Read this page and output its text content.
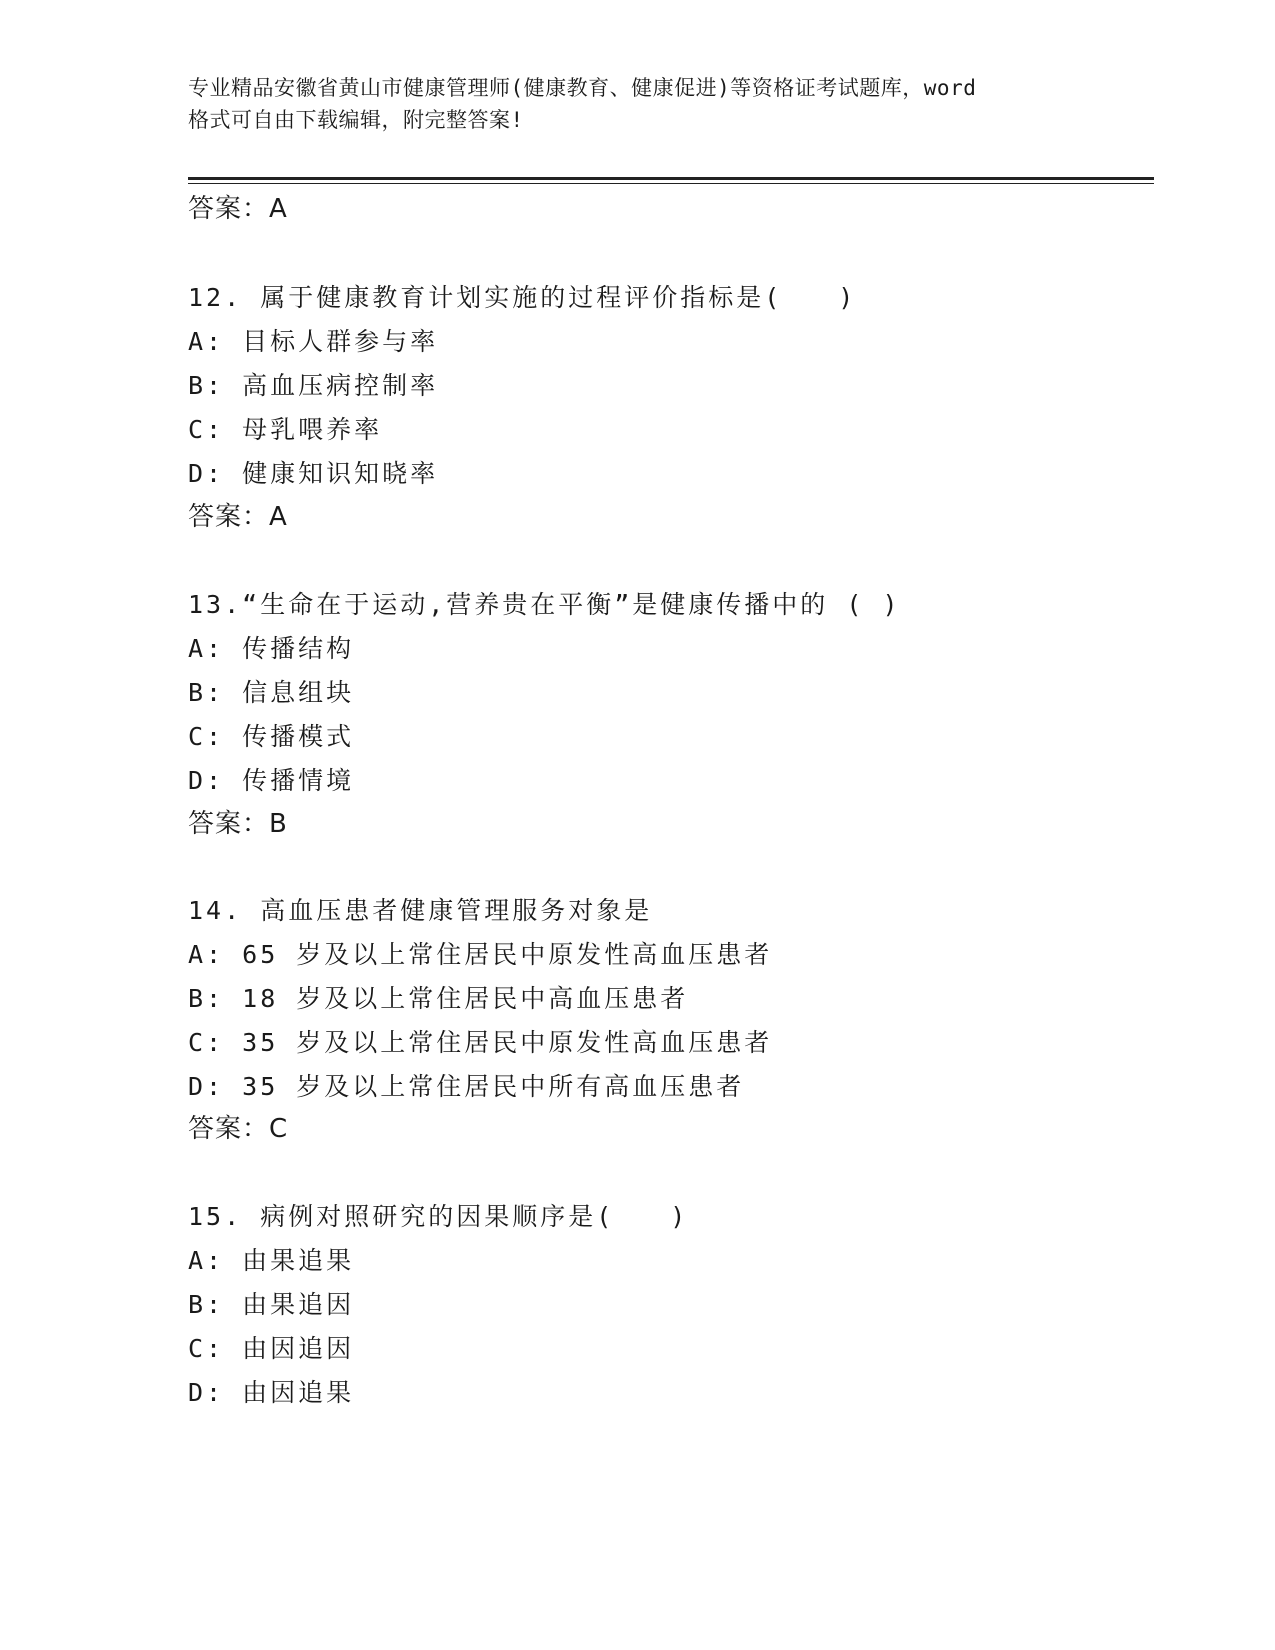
专业精品安徽省黄山市健康管理师(健康教育、健康促进)等资格证考试题库，word
格式可自由下载编辑，附完整答案!
答案：A
12. 属于健康教育计划实施的过程评价指标是(　　)
A: 目标人群参与率
B: 高血压病控制率
C: 母乳喂养率
D: 健康知识知晓率
答案：A
13.“生命在于运动,营养贵在平衡”是健康传播中的 ( )
A: 传播结构
B: 信息组块
C: 传播模式
D: 传播情境
答案：B
14. 高血压患者健康管理服务对象是
A: 65 岁及以上常住居民中原发性高血压患者
B: 18 岁及以上常住居民中高血压患者
C: 35 岁及以上常住居民中原发性高血压患者
D: 35 岁及以上常住居民中所有高血压患者
答案：C
15. 病例对照研究的因果顺序是(　　)
A: 由果追果
B: 由果追因
C: 由因追因
D: 由因追果
